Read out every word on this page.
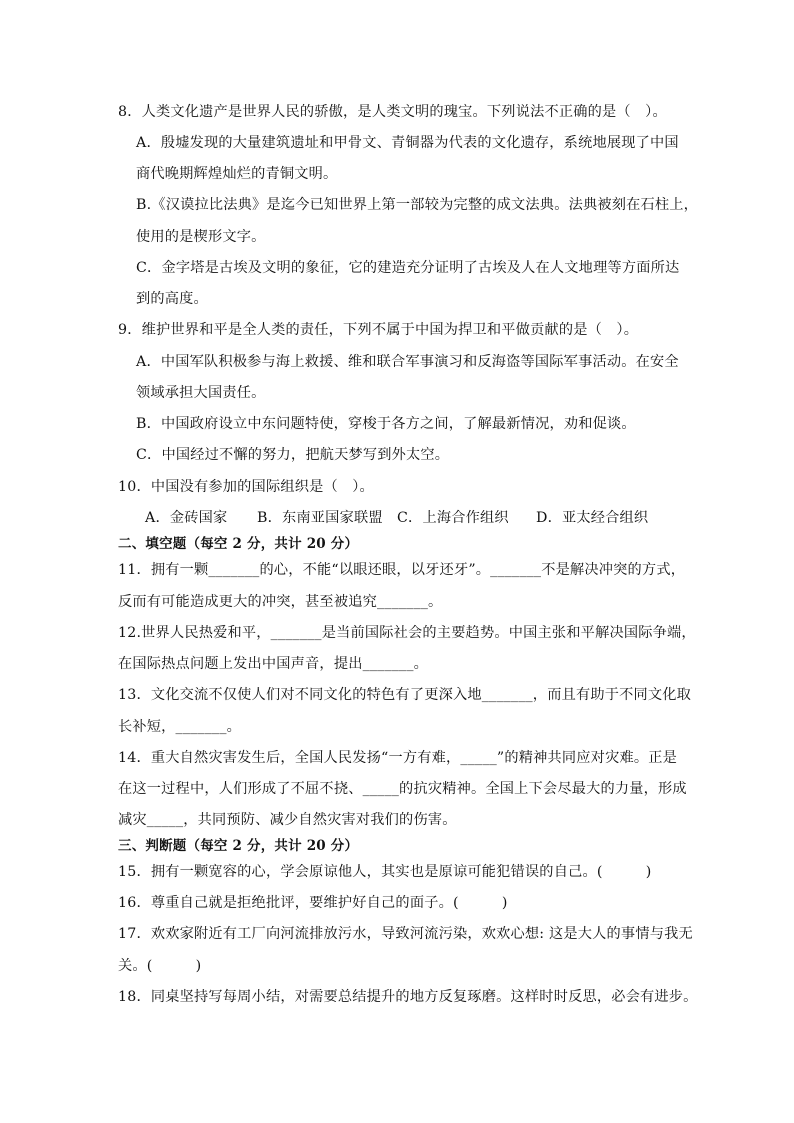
8．人类文化遗产是世界人民的骄傲，是人类文明的瑰宝。下列说法不正确的是（　）。
A．殷墟发现的大量建筑遗址和甲骨文、青铜器为代表的文化遗存，系统地展现了中国
商代晚期辉煌灿烂的青铜文明。
B.《汉谟拉比法典》是迄今已知世界上第一部较为完整的成文法典。法典被刻在石柱上，
使用的是楔形文字。
C．金字塔是古埃及文明的象征，它的建造充分证明了古埃及人在人文地理等方面所达
到的高度。
9．维护世界和平是全人类的责任，下列不属于中国为捍卫和平做贡献的是（　）。
A．中国军队积极参与海上救援、维和联合军事演习和反海盗等国际军事活动。在安全
领域承担大国责任。
B．中国政府设立中东问题特使，穿梭于各方之间，了解最新情况，劝和促谈。
C．中国经过不懈的努力，把航天梦写到外太空。
10．中国没有参加的国际组织是（　）。
A．金砖国家 B．东南亚国家联盟 C．上海合作组织 D．亚太经合组织
二、填空题（每空 2 分，共计 20 分）
11．拥有一颗_______的心，不能“以眼还眼，以牙还牙”。_______不是解决冲突的方式，
反而有可能造成更大的冲突，甚至被追究_______。
12.世界人民热爱和平，_______是当前国际社会的主要趋势。中国主张和平解决国际争端，
在国际热点问题上发出中国声音，提出_______。
13．文化交流不仅使人们对不同文化的特色有了更深入地_______，而且有助于不同文化取
长补短，_______。
14．重大自然灾害发生后，全国人民发扬“一方有难，_____”的精神共同应对灾难。正是
在这一过程中，人们形成了不屈不挠、_____的抗灾精神。全国上下会尽最大的力量，形成
减灾_____，共同预防、减少自然灾害对我们的伤害。
三、判断题（每空 2 分，共计 20 分）
15．拥有一颗宽容的心，学会原谅他人，其实也是原谅可能犯错误的自己。(　　　)
16．尊重自己就是拒绝批评，要维护好自己的面子。(　　　)
17．欢欢家附近有工厂向河流排放污水，导致河流污染，欢欢心想: 这是大人的事情与我无
关。(　　　)
18．同桌坚持写每周小结，对需要总结提升的地方反复琢磨。这样时时反思，必会有进步。
